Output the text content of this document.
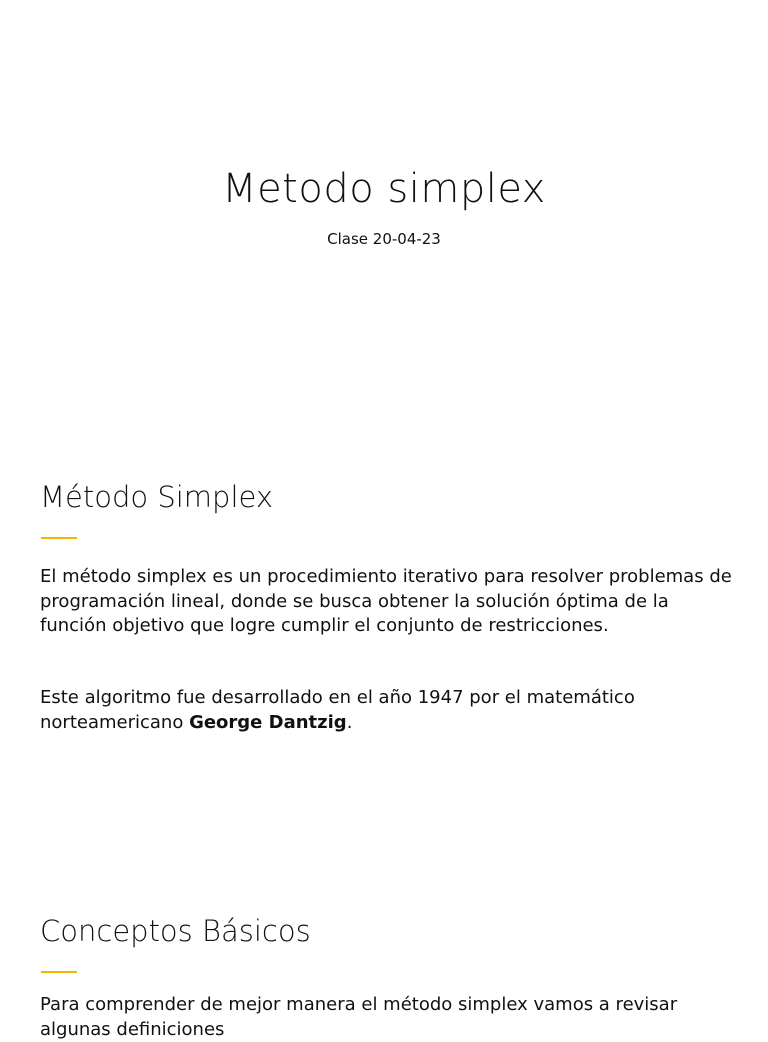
Metodo simplex

Clase 20-04-23

Método Simplex

El método simplex es un procedimiento iterativo para resolver problemas de programación lineal, donde se busca obtener la solución óptima de la función objetivo que logre cumplir el conjunto de restricciones.

Este algoritmo fue desarrollado en el año 1947 por el matemático norteamericano George Dantzig.

Conceptos Básicos

Para comprender de mejor manera el método simplex vamos a revisar algunas definiciones
